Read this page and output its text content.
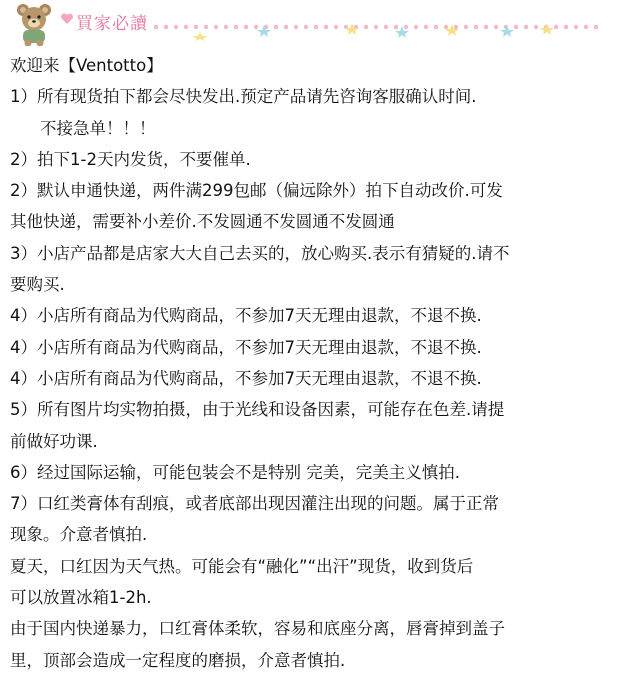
買家必讀
欢迎来【Ventotto】
1）所有现货拍下都会尽快发出.预定产品请先咨询客服确认时间.
不接急单！！！
2）拍下1-2天内发货，不要催单.
2）默认申通快递，两件满299包邮（偏远除外）拍下自动改价.可发
其他快递，需要补小差价.不发圆通不发圆通不发圆通
3）小店产品都是店家大大自己去买的，放心购买.表示有猜疑的.请不
要购买.
4）小店所有商品为代购商品，不参加7天无理由退款，不退不换.
4）小店所有商品为代购商品，不参加7天无理由退款，不退不换.
4）小店所有商品为代购商品，不参加7天无理由退款，不退不换.
5）所有图片均实物拍摄，由于光线和设备因素，可能存在色差.请提
前做好功课.
6）经过国际运输，可能包装会不是特别 完美，完美主义慎拍.
7）口红类膏体有刮痕，或者底部出现因灌注出现的问题。属于正常
现象。介意者慎拍.
夏天，口红因为天气热。可能会有“融化”“出汗”现货，收到货后
可以放置冰箱1-2h.
由于国内快递暴力，口红膏体柔软，容易和底座分离，唇膏掉到盖子
里，顶部会造成一定程度的磨损，介意者慎拍.
